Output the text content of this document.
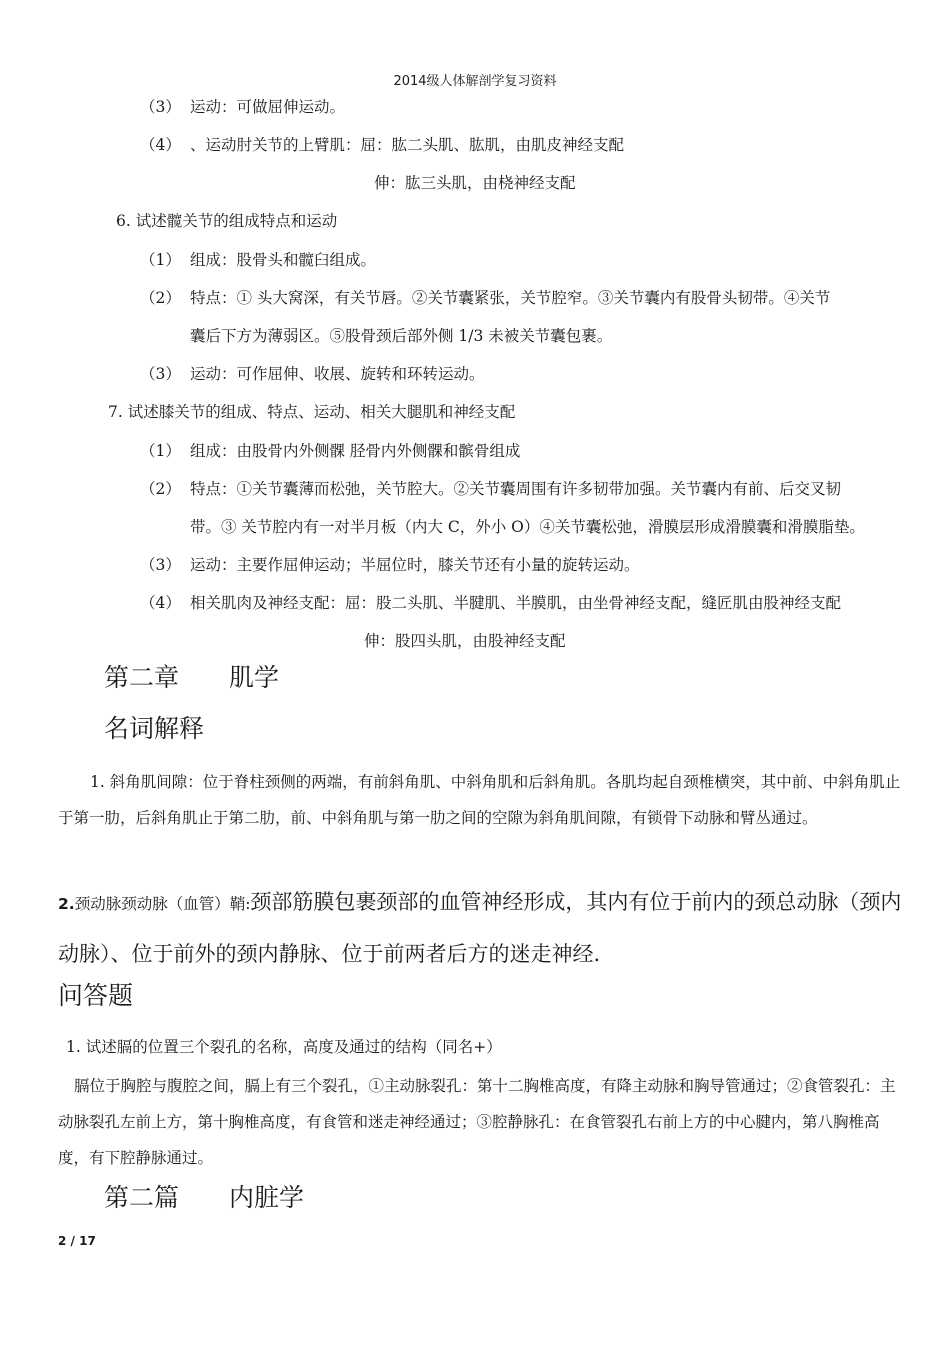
2014级人体解剖学复习资料
（3） 运动：可做屈伸运动。
（4） 、运动肘关节的上臂肌：屈：肱二头肌、肱肌，由肌皮神经支配
伸：肱三头肌，由桡神经支配
6. 试述髋关节的组成特点和运动
（1） 组成：股骨头和髋臼组成。
（2） 特点：① 头大窝深，有关节唇。②关节囊紧张，关节腔窄。③关节囊内有股骨头韧带。④关节
囊后下方为薄弱区。⑤股骨颈后部外侧 1/3 未被关节囊包裹。
（3） 运动：可作屈伸、收展、旋转和环转运动。
7. 试述膝关节的组成、特点、运动、相关大腿肌和神经支配
（1） 组成：由股骨内外侧髁 胫骨内外侧髁和髌骨组成
（2） 特点：①关节囊薄而松弛，关节腔大。②关节囊周围有许多韧带加强。关节囊内有前、后交叉韧
带。③ 关节腔内有一对半月板（内大 C，外小 O）④关节囊松弛，滑膜层形成滑膜囊和滑膜脂垫。
（3） 运动：主要作屈伸运动；半屈位时，膝关节还有小量的旋转运动。
（4） 相关肌肉及神经支配：屈：股二头肌、半腱肌、半膜肌，由坐骨神经支配，缝匠肌由股神经支配
伸：股四头肌，由股神经支配
第二章　　肌学
名词解释
1. 斜角肌间隙：位于脊柱颈侧的两端，有前斜角肌、中斜角肌和后斜角肌。各肌均起自颈椎横突，其中前、中斜角肌止于第一肋，后斜角肌止于第二肋，前、中斜角肌与第一肋之间的空隙为斜角肌间隙，有锁骨下动脉和臂丛通过。
2.颈动脉颈动脉（血管）鞘:颈部筋膜包裹颈部的血管神经形成，其内有位于前内的颈总动脉（颈内动脉）、位于前外的颈内静脉、位于前两者后方的迷走神经.
问答题
1. 试述膈的位置三个裂孔的名称，高度及通过的结构（同名+）
膈位于胸腔与腹腔之间，膈上有三个裂孔，①主动脉裂孔：第十二胸椎高度，有降主动脉和胸导管通过；②食管裂孔：主动脉裂孔左前上方，第十胸椎高度，有食管和迷走神经通过；③腔静脉孔：在食管裂孔右前上方的中心腱内，第八胸椎高度，有下腔静脉通过。
第二篇　　内脏学
2 / 17
